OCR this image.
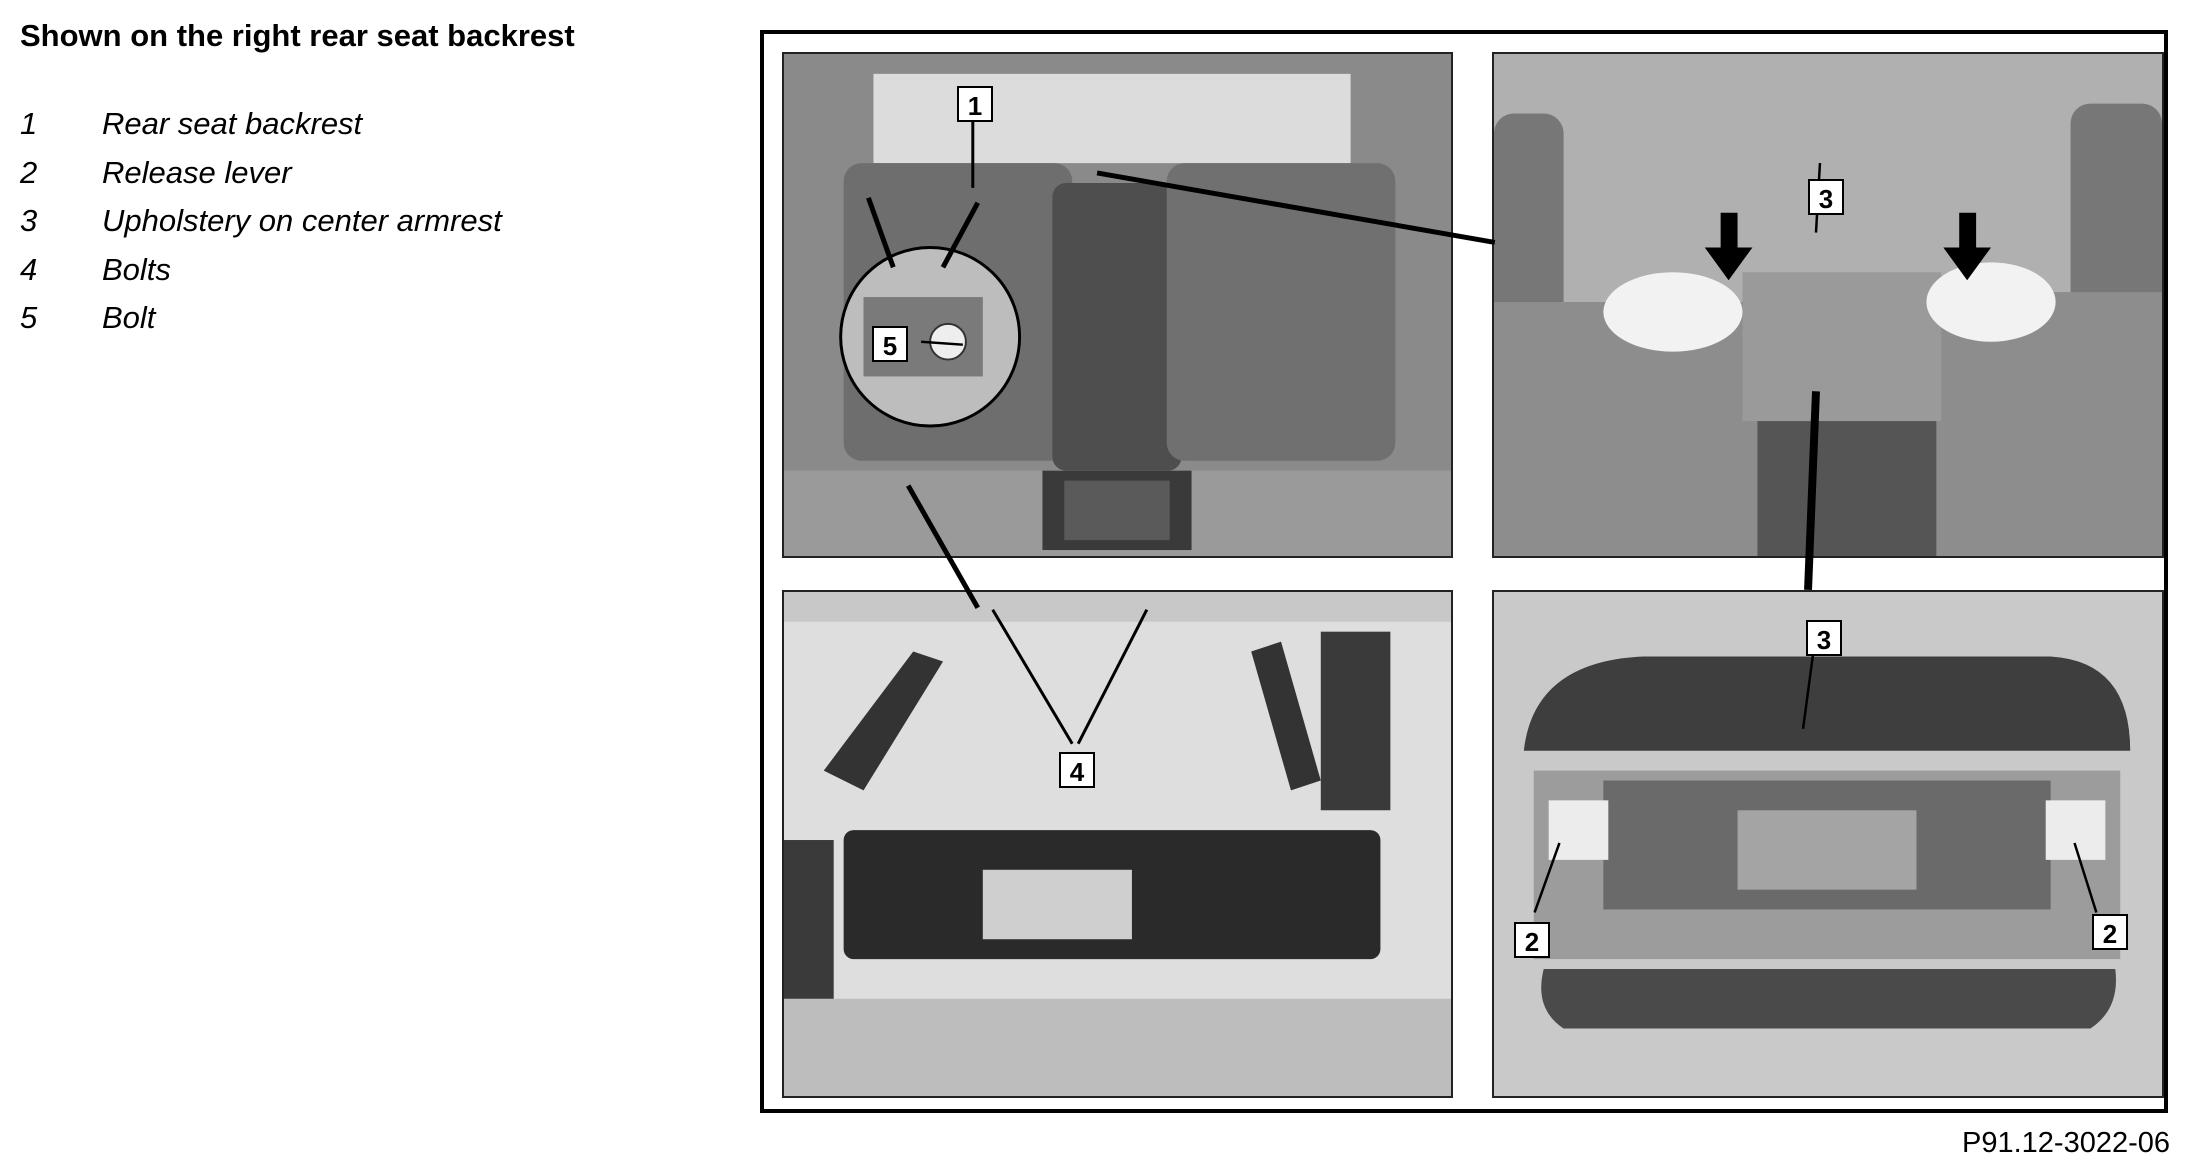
Shown on the right rear seat backrest
1	Rear seat backrest
2	Release lever
3	Upholstery on center armrest
4	Bolts
5	Bolt
1
5
3
4
3
2	2
P91.12-3022-06
